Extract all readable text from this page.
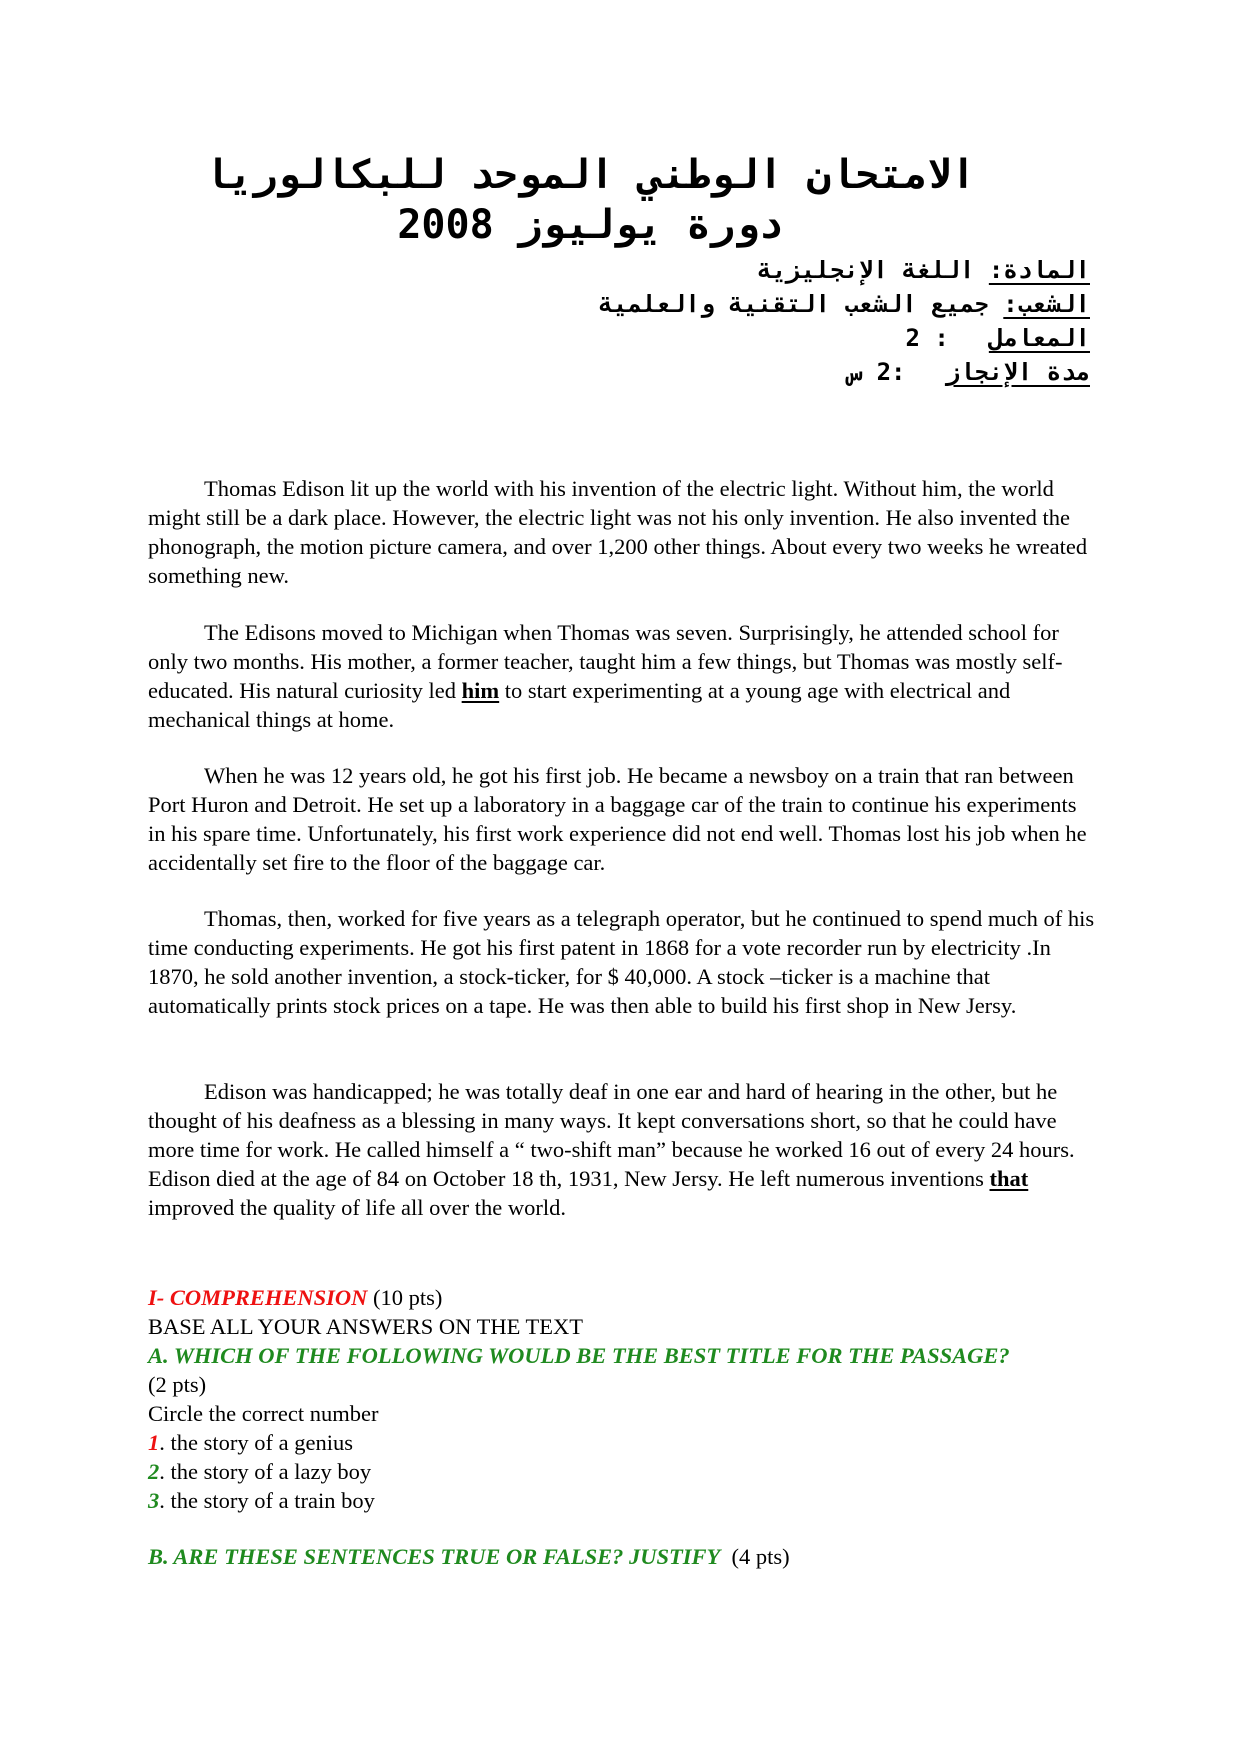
الامتحان الوطني الموحد للبكالوريا
دورة يوليوز 2008
المادة: اللغة الإنجليزية
الشعب: جميع الشعب التقنية والعلمية
المعامل: 2
مدة الإنجاز:2 س

Thomas Edison lit up the world with his invention of the electric light. Without him, the world might still be a dark place. However, the electric light was not his only invention. He also invented the phonograph, the motion picture camera, and over 1,200 other things. About every two weeks he wreated something new.

The Edisons moved to Michigan when Thomas was seven. Surprisingly, he attended school for only two months. His mother, a former teacher, taught him a few things, but Thomas was mostly self- educated. His natural curiosity led him to start experimenting at a young age with electrical and mechanical things at home.

When he was 12 years old, he got his first job. He became a newsboy on a train that ran between Port Huron and Detroit. He set up a laboratory in a baggage car of the train to continue his experiments in his spare time. Unfortunately, his first work experience did not end well. Thomas lost his job when he accidentally set fire to the floor of the baggage car.

Thomas, then, worked for five years as a telegraph operator, but he continued to spend much of his time conducting experiments. He got his first patent in 1868 for a vote recorder run by electricity .In 1870, he sold another invention, a stock-ticker, for $ 40,000. A stock –ticker is a machine that automatically prints stock prices on a tape. He was then able to build his first shop in New Jersy.

Edison was handicapped; he was totally deaf in one ear and hard of hearing in the other, but he thought of his deafness as a blessing in many ways. It kept conversations short, so that he could have more time for work. He called himself a “ two-shift man” because he worked 16 out of every 24 hours. Edison died at the age of 84 on October 18 th, 1931, New Jersy. He left numerous inventions that improved the quality of life all over the world.

I- COMPREHENSION (10 pts)
BASE ALL YOUR ANSWERS ON THE TEXT
A. WHICH OF THE FOLLOWING WOULD BE THE BEST TITLE FOR THE PASSAGE? (2 pts)
Circle the correct number
1. the story of a genius
2. the story of a lazy boy
3. the story of a train boy
B. ARE THESE SENTENCES TRUE OR FALSE? JUSTIFY  (4 pts)
